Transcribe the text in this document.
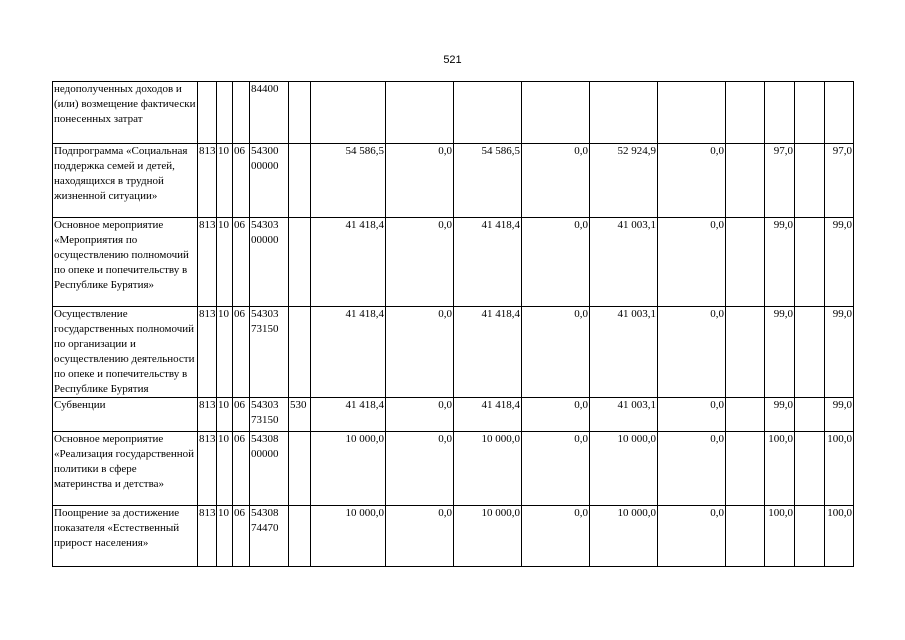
521
недополученных доходов и (или) возмещение фактически понесенных затрат				84400											
Подпрограмма «Социальная поддержка семей и детей, находящихся в трудной жизненной ситуации»	813	10	06	54300 00000		54 586,5	0,0	54 586,5	0,0	52 924,9	0,0		97,0		97,0
Основное мероприятие «Мероприятия по осуществлению полномочий по опеке и попечительству в Республике Бурятия»	813	10	06	54303 00000		41 418,4	0,0	41 418,4	0,0	41 003,1	0,0		99,0		99,0
Осуществление государственных полномочий по организации и осуществлению деятельности по опеке и попечительству в Республике Бурятия	813	10	06	54303 73150		41 418,4	0,0	41 418,4	0,0	41 003,1	0,0		99,0		99,0
Субвенции	813	10	06	54303 73150	530	41 418,4	0,0	41 418,4	0,0	41 003,1	0,0		99,0		99,0
Основное мероприятие «Реализация государственной политики в сфере материнства и детства»	813	10	06	54308 00000		10 000,0	0,0	10 000,0	0,0	10 000,0	0,0		100,0		100,0
Поощрение за достижение показателя «Естественный прирост населения»	813	10	06	54308 74470		10 000,0	0,0	10 000,0	0,0	10 000,0	0,0		100,0		100,0
